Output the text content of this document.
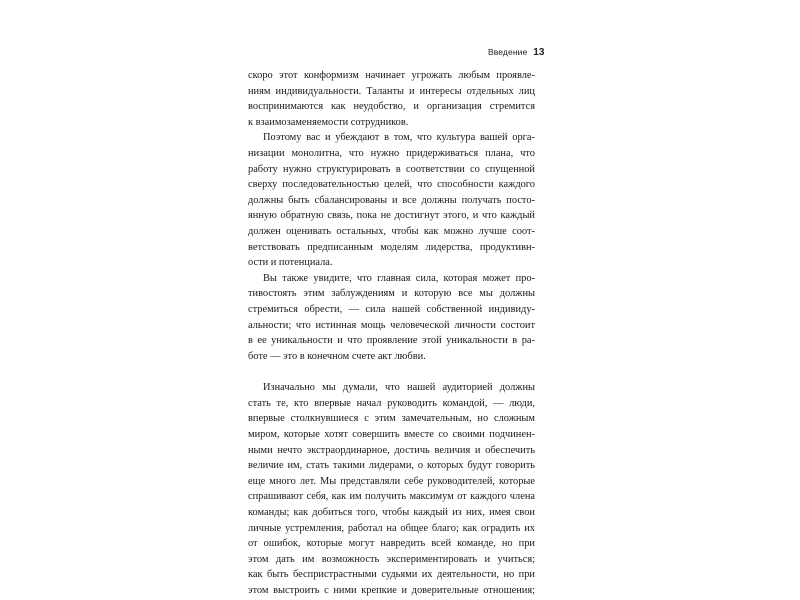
Введение 13
скоро этот конформизм начинает угрожать любым проявле-
ниям индивидуальности. Таланты и интересы отдельных лиц
воспринимаются как неудобство, и организация стремится
к взаимозаменяемости сотрудников.
Поэтому вас и убеждают в том, что культура вашей орга-
низации монолитна, что нужно придерживаться плана, что
работу нужно структурировать в соответствии со спущенной
сверху последовательностью целей, что способности каждого
должны быть сбалансированы и все должны получать посто-
янную обратную связь, пока не достигнут этого, и что каждый
должен оценивать остальных, чтобы как можно лучше соот-
ветствовать предписанным моделям лидерства, продуктивн-
ости и потенциала.
Вы также увидите, что главная сила, которая может про-
тивостоять этим заблуждениям и которую все мы должны
стремиться обрести, — сила нашей собственной индивиду-
альности; что истинная мощь человеческой личности состоит
в ее уникальности и что проявление этой уникальности в ра-
боте — это в конечном счете акт любви.
Изначально мы думали, что нашей аудиторией должны
стать те, кто впервые начал руководить командой, — люди,
впервые столкнувшиеся с этим замечательным, но сложным
миром, которые хотят совершить вместе со своими подчинен-
ными нечто экстраординарное, достичь величия и обеспечить
величие им, стать такими лидерами, о которых будут говорить
еще много лет. Мы представляли себе руководителей, которые
спрашивают себя, как им получить максимум от каждого члена
команды; как добиться того, чтобы каждый из них, имея свои
личные устремления, работал на общее благо; как оградить их
от ошибок, которые могут навредить всей команде, но при
этом дать им возможность экспериментировать и учиться;
как быть беспристрастными судьями их деятельности, но при
этом выстроить с ними крепкие и доверительные отношения;
